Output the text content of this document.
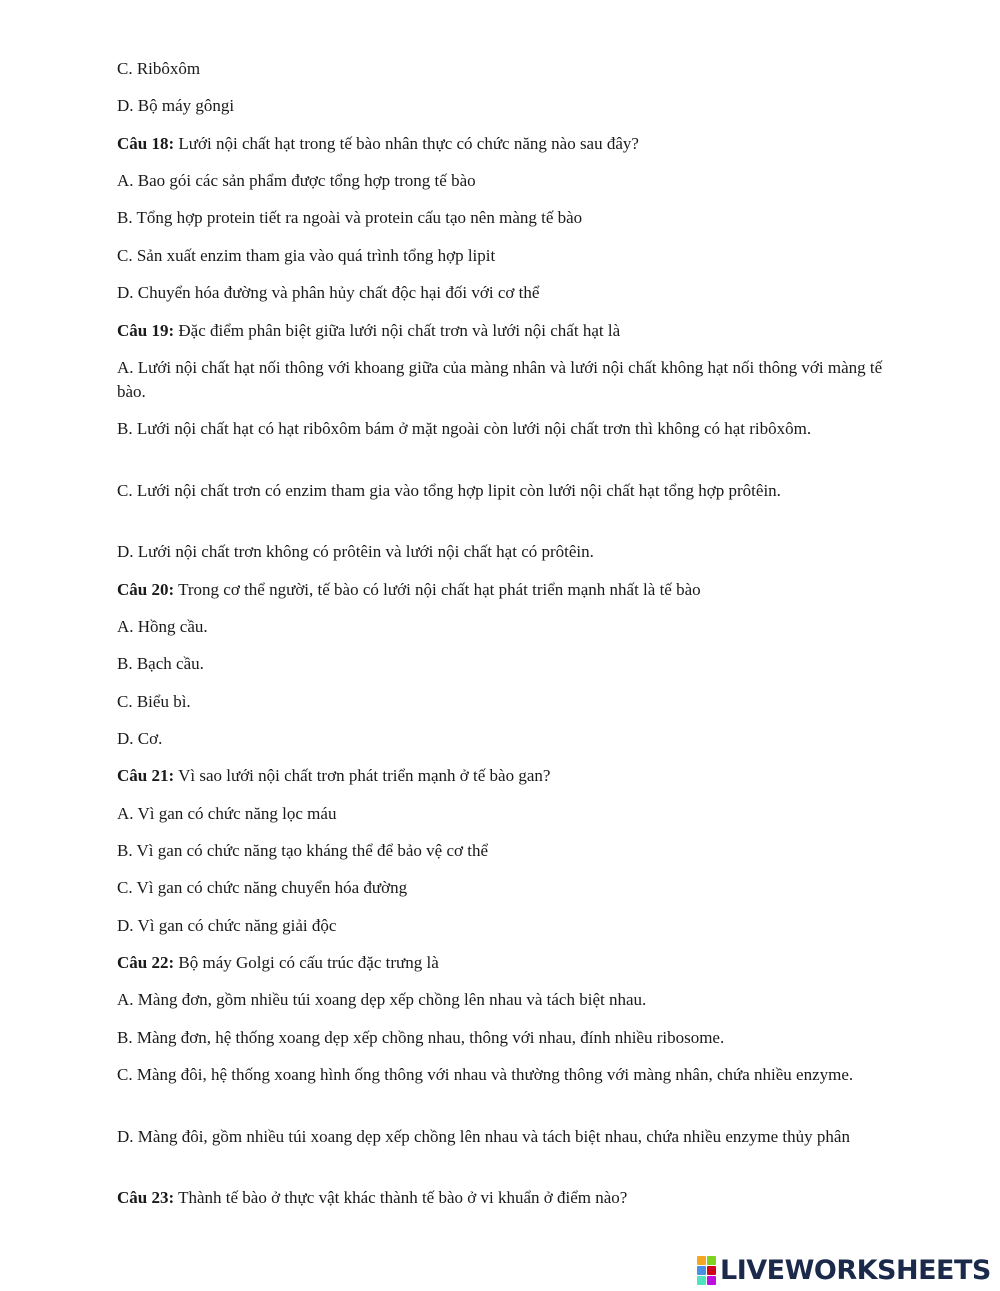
C. Ribôxôm
D. Bộ máy gôngi
Câu 18: Lưới nội chất hạt trong tế bào nhân thực có chức năng nào sau đây?
A. Bao gói các sản phẩm được tổng hợp trong tế bào
B. Tổng hợp protein tiết ra ngoài và protein cấu tạo nên màng tế bào
C. Sản xuất enzim tham gia vào quá trình tổng hợp lipit
D. Chuyển hóa đường và phân hủy chất độc hại đối với cơ thể
Câu 19: Đặc điểm phân biệt giữa lưới nội chất trơn và lưới nội chất hạt là
A. Lưới nội chất hạt nối thông với khoang giữa của màng nhân và lưới nội chất không hạt nối thông với màng tế bào.
B. Lưới nội chất hạt có hạt ribôxôm bám ở mặt ngoài còn lưới nội chất trơn thì không có hạt ribôxôm.
C. Lưới nội chất trơn có enzim tham gia vào tổng hợp lipit còn lưới nội chất hạt tổng hợp prôtêin.
D. Lưới nội chất trơn không có prôtêin và lưới nội chất hạt có prôtêin.
Câu 20: Trong cơ thể người, tế bào có lưới nội chất hạt phát triển mạnh nhất là tế bào
A. Hồng cầu.
B. Bạch cầu.
C. Biểu bì.
D. Cơ.
Câu 21: Vì sao lưới nội chất trơn phát triển mạnh ở tế bào gan?
A. Vì gan có chức năng lọc máu
B. Vì gan có chức năng tạo kháng thể để bảo vệ cơ thể
C. Vì gan có chức năng chuyển hóa đường
D. Vì gan có chức năng giải độc
Câu 22: Bộ máy Golgi có cấu trúc đặc trưng là
A. Màng đơn, gồm nhiều túi xoang dẹp xếp chồng lên nhau và tách biệt nhau.
B. Màng đơn, hệ thống xoang dẹp xếp chồng nhau, thông với nhau, đính nhiều ribosome.
C. Màng đôi, hệ thống xoang hình ống thông với nhau và thường thông với màng nhân, chứa nhiều enzyme.
D. Màng đôi, gồm nhiều túi xoang dẹp xếp chồng lên nhau và tách biệt nhau, chứa nhiều enzyme thủy phân
Câu 23: Thành tế bào ở thực vật khác thành tế bào ở vi khuẩn ở điểm nào?
LIVEWORKSHEETS
